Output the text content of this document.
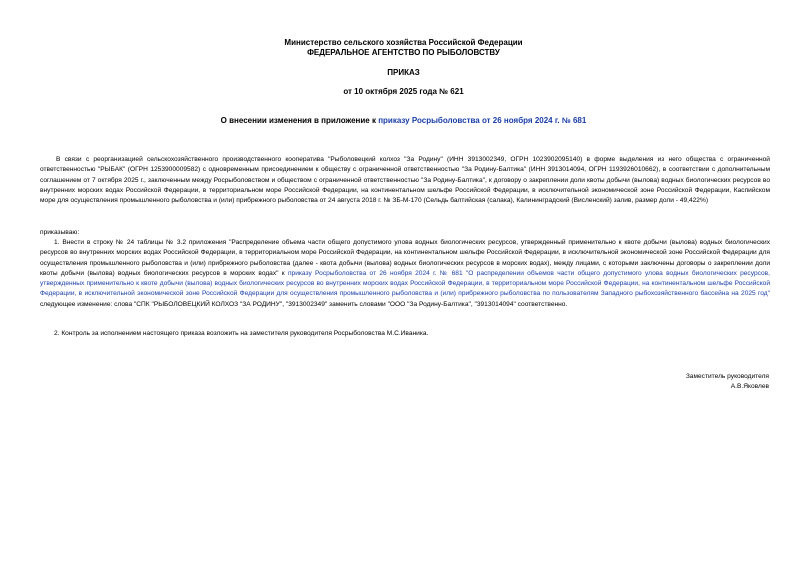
Министерство сельского хозяйства Российской Федерации
ФЕДЕРАЛЬНОЕ АГЕНТСТВО ПО РЫБОЛОВСТВУ
ПРИКАЗ
от 10 октября 2025 года № 621
О внесении изменения в приложение к приказу Росрыболовства от 26 ноября 2024 г. № 681

В связи с реорганизацией сельскохозяйственного производственного кооператива "Рыболовецкий колхоз "За Родину" (ИНН 3913002349, ОГРН 1023902095140) в форме выделения из него общества с ограниченной ответственностью "РЫБАК" (ОГРН 1253900009582) с одновременным присоединением к обществу с ограниченной ответственностью "За Родину-Балтика" (ИНН 3913014094, ОГРН 1193926010662), в соответствии с дополнительным соглашением от 7 октября 2025 г., заключенным между Росрыболовством и обществом с ограниченной ответственностью "За Родину-Балтика", к договору о закреплении доли квоты добычи (вылова) водных биологических ресурсов во внутренних морских водах Российской Федерации, в территориальном море Российской Федерации, на континентальном шельфе Российской Федерации, в исключительной экономической зоне Российской Федерации, Каспийском море для осуществления промышленного рыболовства и (или) прибрежного рыболовства от 24 августа 2018 г. № ЗБ-М-170 (Сельдь балтийская (салака), Калининградский (Висленский) залив, размер доли - 49,422%)

приказываю:

1. Внести в строку № 24 таблицы № 3.2 приложения "Распределение объема части общего допустимого улова водных биологических ресурсов, утвержденный применительно к квоте добычи (вылова) водных биологических ресурсов во внутренних морских водах Российской Федерации, в территориальном море Российской Федерации, на континентальном шельфе Российской Федерации, в исключительной экономической зоне Российской Федерации для осуществления промышленного рыболовства и (или) прибрежного рыболовства (далее - квота добычи (вылова) водных биологических ресурсов в морских водах), между лицами, с которыми заключены договоры о закреплении доли квоты добычи (вылова) водных биологических ресурсов в морских водах" к приказу Росрыболовства от 26 ноября 2024 г. № 681 "О распределении объемов части общего допустимого улова водных биологических ресурсов, утвержденных применительно к квоте добычи (вылова) водных биологических ресурсов во внутренних морских водах Российской Федерации, в территориальном море Российской Федерации, на континентальном шельфе Российской Федерации, в исключительной экономической зоне Российской Федерации для осуществления промышленного рыболовства и (или) прибрежного рыболовства по пользователям Западного рыбохозяйственного бассейна на 2025 год" следующее изменение: слова "СПК "РЫБОЛОВЕЦКИЙ КОЛХОЗ "ЗА РОДИНУ", "3913002349" заменить словами "ООО "За Родину-Балтика", "3913014094" соответственно.

2. Контроль за исполнением настоящего приказа возложить на заместителя руководителя Росрыболовства М.С.Иваника.

Заместитель руководителя
А.В.Яковлев
